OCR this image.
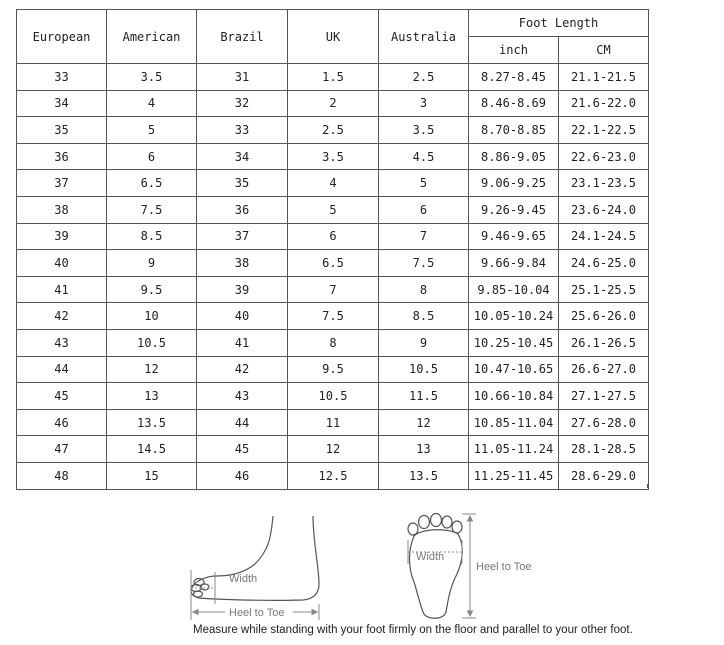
European	American	Brazil	UK	Australia	Foot Length	
					inch	CM
33	3.5	31	1.5	2.5	8.27-8.45	21.1-21.5
34	4	32	2	3	8.46-8.69	21.6-22.0
35	5	33	2.5	3.5	8.70-8.85	22.1-22.5
36	6	34	3.5	4.5	8.86-9.05	22.6-23.0
37	6.5	35	4	5	9.06-9.25	23.1-23.5
38	7.5	36	5	6	9.26-9.45	23.6-24.0
39	8.5	37	6	7	9.46-9.65	24.1-24.5
40	9	38	6.5	7.5	9.66-9.84	24.6-25.0
41	9.5	39	7	8	9.85-10.04	25.1-25.5
42	10	40	7.5	8.5	10.05-10.24	25.6-26.0
43	10.5	41	8	9	10.25-10.45	26.1-26.5
44	12	42	9.5	10.5	10.47-10.65	26.6-27.0
45	13	43	10.5	11.5	10.66-10.84	27.1-27.5
46	13.5	44	11	12	10.85-11.04	27.6-28.0
47	14.5	45	12	13	11.05-11.24	28.1-28.5
48	15	46	12.5	13.5	11.25-11.45	28.6-29.0
Width
Heel to Toe
Width
Heel to Toe
Measure while standing with your foot firmly on the floor and parallel to your other foot.
